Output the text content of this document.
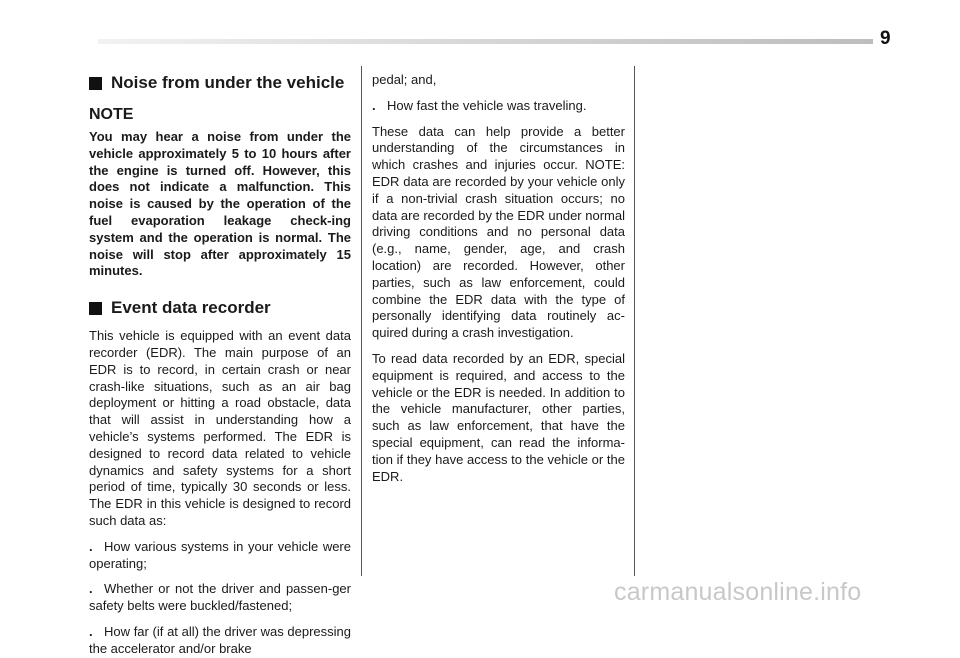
9
Noise from under the vehicle
NOTE

You may hear a noise from under the vehicle approximately 5 to 10 hours after the engine is turned off. However, this does not indicate a malfunction. This noise is caused by the operation of the fuel evaporation leakage check-ing system and the operation is normal. The noise will stop after approximately 15 minutes.

Event data recorder

This vehicle is equipped with an event data recorder (EDR). The main purpose of an EDR is to record, in certain crash or near crash-like situations, such as an air bag deployment or hitting a road obstacle, data that will assist in understanding how a vehicle’s systems performed. The EDR is designed to record data related to vehicle dynamics and safety systems for a short period of time, typically 30 seconds or less. The EDR in this vehicle is designed to record such data as:

. How various systems in your vehicle were operating;

. Whether or not the driver and passen-ger safety belts were buckled/fastened;

. How far (if at all) the driver was depressing the accelerator and/or brake

pedal; and,

. How fast the vehicle was traveling.

These data can help provide a better understanding of the circumstances in which crashes and injuries occur. NOTE: EDR data are recorded by your vehicle only if a non-trivial crash situation occurs; no data are recorded by the EDR under normal driving conditions and no personal data (e.g., name, gender, age, and crash location) are recorded. However, other parties, such as law enforcement, could combine the EDR data with the type of personally identifying data routinely ac-quired during a crash investigation.

To read data recorded by an EDR, special equipment is required, and access to the vehicle or the EDR is needed. In addition to the vehicle manufacturer, other parties, such as law enforcement, that have the special equipment, can read the informa-tion if they have access to the vehicle or the EDR.

carmanualsonline.info
